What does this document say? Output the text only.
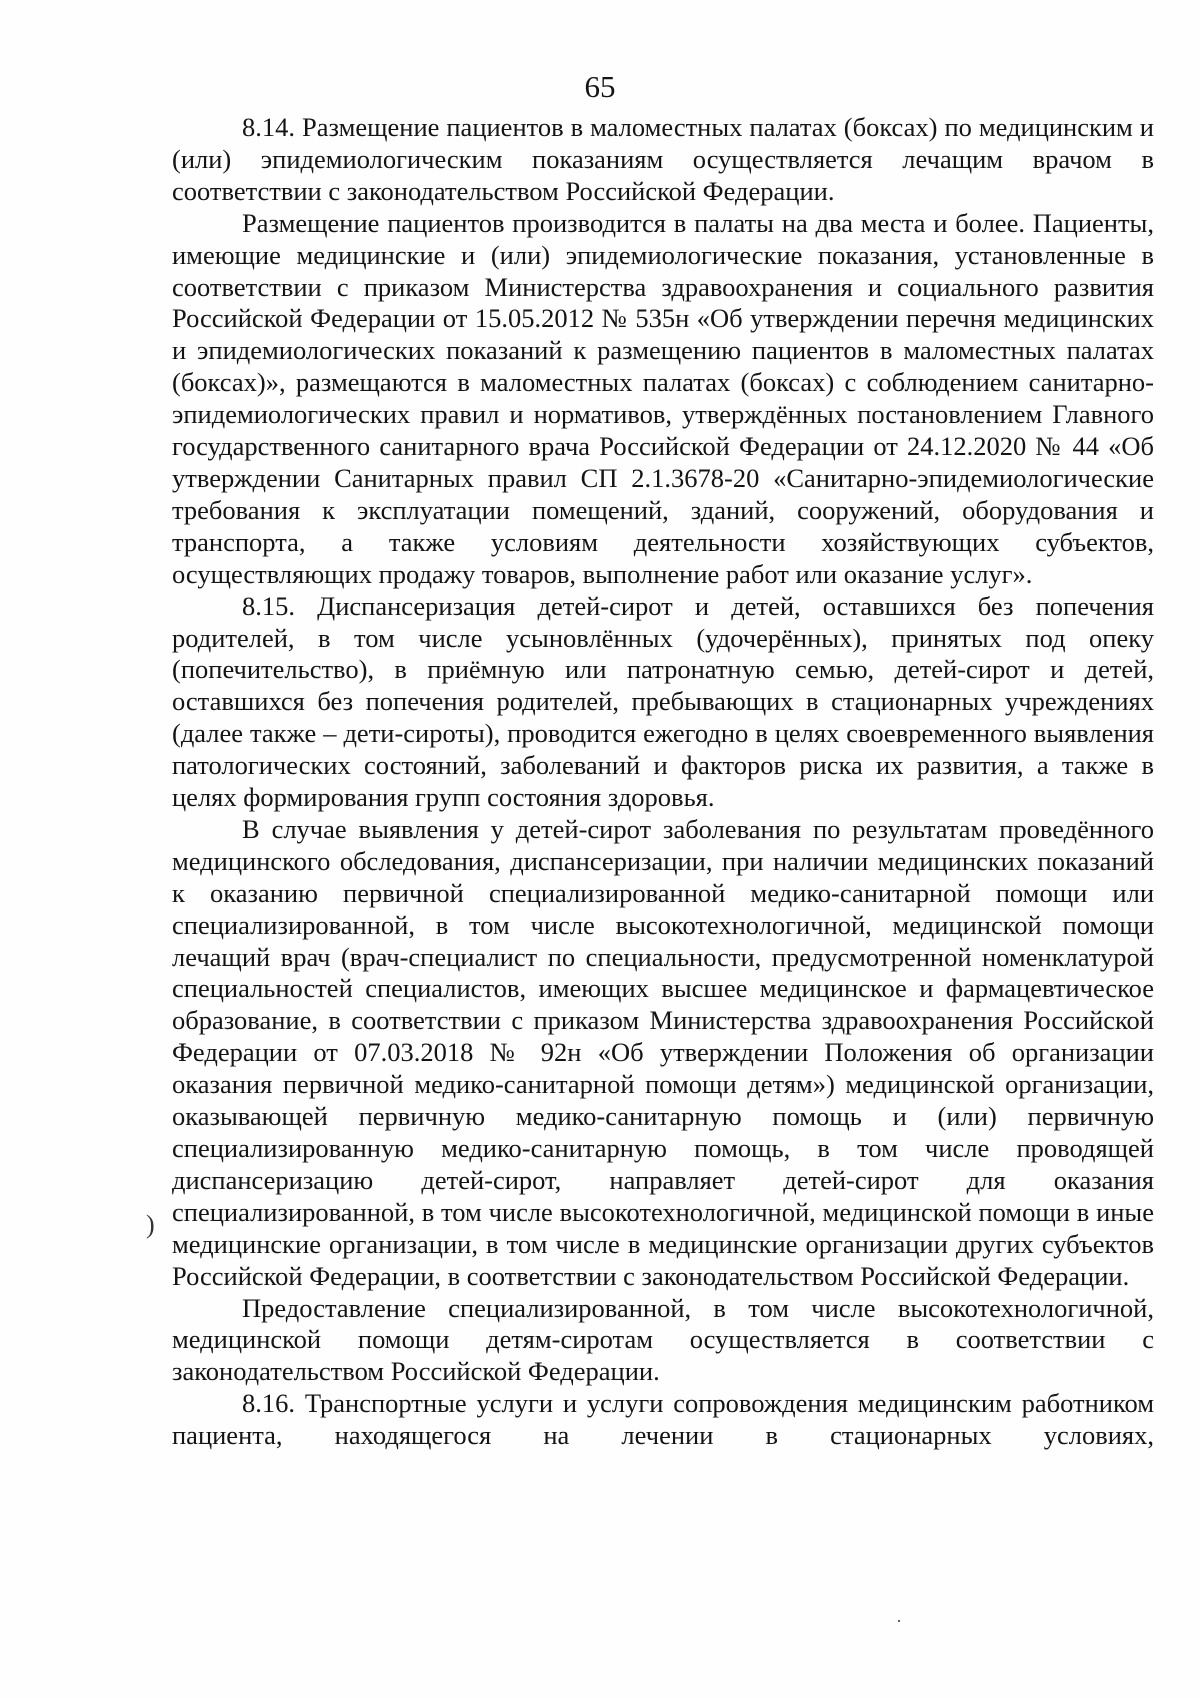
65

8.14. Размещение пациентов в маломестных палатах (боксах) по медицинским и (или) эпидемиологическим показаниям осуществляется лечащим врачом в соответствии с законодательством Российской Федерации.

Размещение пациентов производится в палаты на два места и более. Пациенты, имеющие медицинские и (или) эпидемиологические показания, установленные в соответствии с приказом Министерства здравоохранения и социального развития Российской Федерации от 15.05.2012 № 535н «Об утверждении перечня медицинских и эпидемиологических показаний к размещению пациентов в маломестных палатах (боксах)», размещаются в маломестных палатах (боксах) с соблюдением санитарно-эпидемиологических правил и нормативов, утверждённых постановлением Главного государственного санитарного врача Российской Федерации от 24.12.2020 № 44 «Об утверждении Санитарных правил СП 2.1.3678-20 «Санитарно-эпидемиологические требования к эксплуатации помещений, зданий, сооружений, оборудования и транспорта, а также условиям деятельности хозяйствующих субъектов, осуществляющих продажу товаров, выполнение работ или оказание услуг».

8.15. Диспансеризация детей-сирот и детей, оставшихся без попечения родителей, в том числе усыновлённых (удочерённых), принятых под опеку (попечительство), в приёмную или патронатную семью, детей-сирот и детей, оставшихся без попечения родителей, пребывающих в стационарных учреждениях (далее также – дети-сироты), проводится ежегодно в целях своевременного выявления патологических состояний, заболеваний и факторов риска их развития, а также в целях формирования групп состояния здоровья.

В случае выявления у детей-сирот заболевания по результатам проведённого медицинского обследования, диспансеризации, при наличии медицинских показаний к оказанию первичной специализированной медико-санитарной помощи или специализированной, в том числе высокотехнологичной, медицинской помощи лечащий врач (врач-специалист по специальности, предусмотренной номенклатурой специальностей специалистов, имеющих высшее медицинское и фармацевтическое образование, в соответствии с приказом Министерства здравоохранения Российской Федерации от 07.03.2018 № 92н «Об утверждении Положения об организации оказания первичной медико-санитарной помощи детям») медицинской организации, оказывающей первичную медико-санитарную помощь и (или) первичную специализированную медико-санитарную помощь, в том числе проводящей диспансеризацию детей-сирот, направляет детей-сирот для оказания специализированной, в том числе высокотехнологичной, медицинской помощи в иные медицинские организации, в том числе в медицинские организации других субъектов Российской Федерации, в соответствии с законодательством Российской Федерации.

Предоставление специализированной, в том числе высокотехнологичной, медицинской помощи детям-сиротам осуществляется в соответствии с законодательством Российской Федерации.

8.16. Транспортные услуги и услуги сопровождения медицинским работником пациента, находящегося на лечении в стационарных условиях,

)
·
